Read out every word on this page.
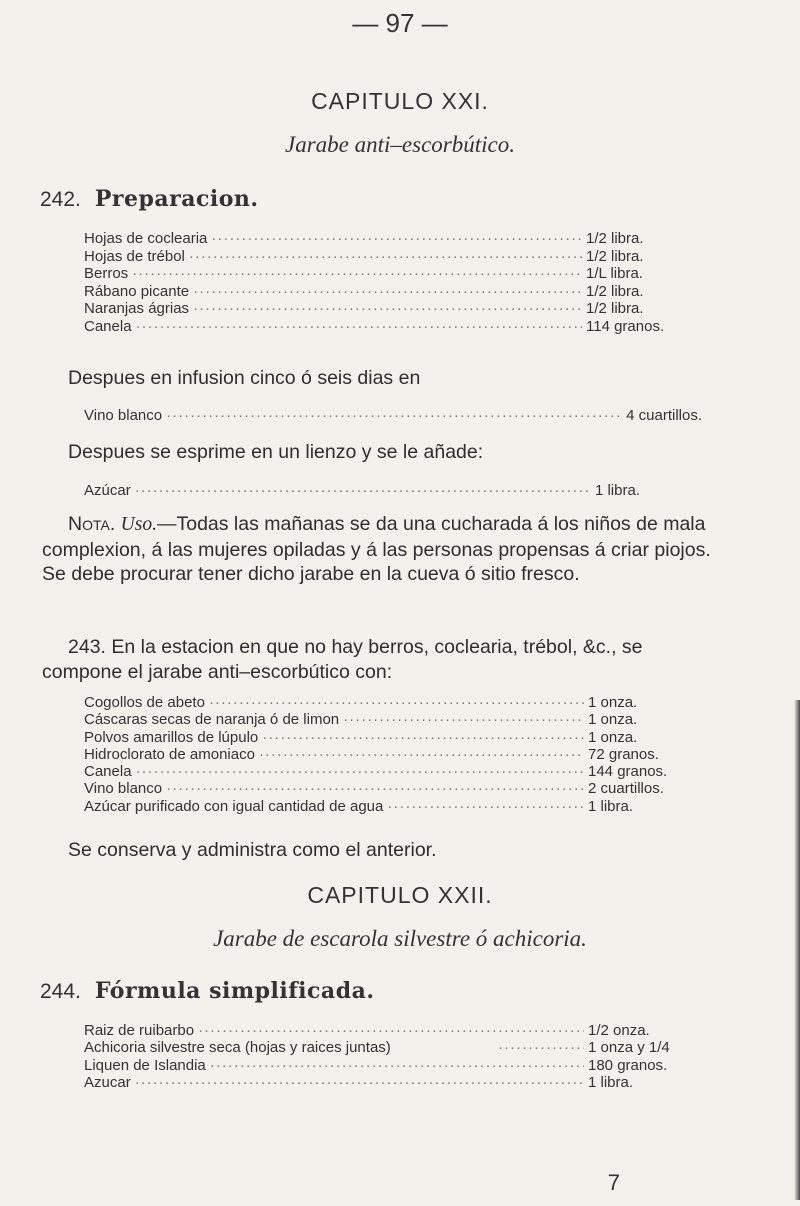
— 97 —
CAPITULO XXI.
Jarabe anti–escorbútico.
242. Preparacion.
Hojas de coclearia ·····	1/2 libra.
Hojas de trébol ·····	1/2 libra.
Berros ·····	1/L libra.
Rábano picante ·····	1/2 libra.
Naranjas ágrias ·····	1/2 libra.
Canela ·····	114 granos.

Despues en infusion cinco ó seis dias en

Vino blanco ·····	4 cuartillos.

Despues se esprime en un lienzo y se le añade:

Azúcar ·····	1 libra.

Nota. Uso.—Todas las mañanas se da una cucharada á los niños de mala complexion, á las mujeres opiladas y á las personas propensas á criar piojos. Se debe procurar tener dicho jarabe en la cueva ó sitio fresco.

243. En la estacion en que no hay berros, coclearia, trébol, &c., se compone el jarabe anti–escorbútico con:

Cogollos de abeto ·····	1 onza.
Cáscaras secas de naranja ó de limon ·····	1 onza.
Polvos amarillos de lúpulo ·····	1 onza.
Hidroclorato de amoniaco ·····	72 granos.
Canela ·····	144 granos.
Vino blanco ·····	2 cuartillos.
Azúcar purificado con igual cantidad de agua ·····	1 libra.

Se conserva y administra como el anterior.

CAPITULO XXII.
Jarabe de escarola silvestre ó achicoria.
244. Fórmula simplificada.
Raiz de ruibarbo ·····	1/2 onza.
Achicoria silvestre seca (hojas y raices juntas) ·····	1 onza y 1/4
Liquen de Islandia ·····	180 granos.
Azucar ·····	1 libra.
7
